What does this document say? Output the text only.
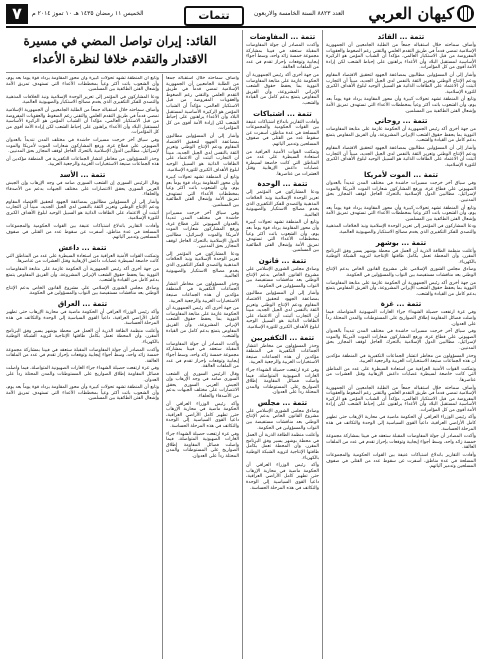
٧	الخميس ١١ رمضان ١٤٣٥ هـ ١٠ تموز ٢٠١٤ م	تتمات	العدد ٨٨٢٣ السنة الخامسة والاربعون كيهان العربي
القائد: إيران تواصل المضي في مسيرة الاقتدار والتقدم خلافا لنظرة الأعداء
تتمة ... القائد

وأضاف سماحته خلال استقباله جمعاً من الطلبة الجامعيين أن الجمهورية الإسلامية تمضي قدماً في طريق التقدم العلمي والتقني رغم الضغوط والعقوبات المفروضة من قبل الاستكبار العالمي، مؤكداً أن الشباب المؤمن هو الركيزة الأساسية لمستقبل البلاد وأن الأعداء يراهنون على إحباط الشعب لكن إرادة الأمة أقوى من كل المؤامرات.

وأشار إلى أن المسؤولين مطالبون بمضاعفة الجهود لتحقيق الاقتصاد المقاوم ودعم الإنتاج الوطني وتعزيز الثقة بالنفس لدى الجيل الجديد، مبيناً أن التجارب أثبتت أن الاعتماد على الطاقات الذاتية هو السبيل الوحيد لبلوغ الأهداف الكبرى للثورة الإسلامية.

وتابع أن المنطقة تشهد تحولات كبيرة وأن محور المقاومة يزداد قوة يوماً بعد يوم، وأن الشعوب باتت أكثر وعياً بمخططات الأعداء التي تستهدف تمزيق الأمة وإشعال الفتن الطائفية بين المسلمين.

تتمة ... روحاني

من جهة أخرى أكد رئيس الجمهورية أن الحكومة عازمة على متابعة المفاوضات النووية بما يحفظ حقوق الشعب الإيراني المشروعة، وأن الفريق المفاوض يتمتع بدعم كامل من القيادة والشعب.

وأشار إلى أن المسؤولين مطالبون بمضاعفة الجهود لتحقيق الاقتصاد المقاوم ودعم الإنتاج الوطني وتعزيز الثقة بالنفس لدى الجيل الجديد، مبيناً أن التجارب أثبتت أن الاعتماد على الطاقات الذاتية هو السبيل الوحيد لبلوغ الأهداف الكبرى للثورة الإسلامية.

تتمة ... الموت لأمريكا

وفي سياق آخر خرجت مسيرات حاشدة في مختلف المدن تنديداً بالعدوان الصهيوني على قطاع غزة، ورفع المشاركون شعارات الموت لأمريكا والموت لإسرائيل، مطالبين الدول الإسلامية بالتحرك العاجل لوقف المجازر بحق المدنيين.

وتابع أن المنطقة تشهد تحولات كبيرة وأن محور المقاومة يزداد قوة يوماً بعد يوم، وأن الشعوب باتت أكثر وعياً بمخططات الأعداء التي تستهدف تمزيق الأمة وإشعال الفتن الطائفية بين المسلمين.

ودعا المشاركون في المؤتمر إلى تعزيز الوحدة الإسلامية ونبذ الخلافات المذهبية والتصدي للفكر التكفيري الذي يخدم مصالح الاستكبار والصهيونية العالمية.

تتمة ... بوشهر

وأعلنت منظمة الطاقة الذرية أن العمل في محطة بوشهر يسير وفق البرنامج المقرر، وأن المحطة تعمل بكامل طاقتها الإنتاجية لتزويد الشبكة الوطنية بالكهرباء.

وصادق مجلس الشورى الإسلامي على مشروع القانون الخاص بدعم الإنتاج الوطني بعد مناقشات مستفيضة بين النواب والمسؤولين في الحكومة.

من جهة أخرى أكد رئيس الجمهورية أن الحكومة عازمة على متابعة المفاوضات النووية بما يحفظ حقوق الشعب الإيراني المشروعة، وأن الفريق المفاوض يتمتع بدعم كامل من القيادة والشعب.

تتمة ... غزة

وفي غزة ارتفعت حصيلة الشهداء جراء الغارات الصهيونية المتواصلة، فيما واصلت فصائل المقاومة إطلاق الصواريخ على المستوطنات والمدن المحتلة رداً على العدوان.

وفي سياق آخر خرجت مسيرات حاشدة في مختلف المدن تنديداً بالعدوان الصهيوني على قطاع غزة، ورفع المشاركون شعارات الموت لأمريكا والموت لإسرائيل، مطالبين الدول الإسلامية بالتحرك العاجل لوقف المجازر بحق المدنيين.

وحذر المسؤولون من مخاطر انتشار الجماعات التكفيرية في المنطقة مؤكدين أن هذه الجماعات صنيعة الاستخبارات الغربية والرجعية العربية.

وتمكنت القوات الأمنية العراقية من استعادة السيطرة على عدد من المناطق التي كانت خاضعة لسيطرة عصابات داعش الإرهابية وقتل العشرات من عناصرها.

وأضاف سماحته خلال استقباله جمعاً من الطلبة الجامعيين أن الجمهورية الإسلامية تمضي قدماً في طريق التقدم العلمي والتقني رغم الضغوط والعقوبات المفروضة من قبل الاستكبار العالمي، مؤكداً أن الشباب المؤمن هو الركيزة الأساسية لمستقبل البلاد وأن الأعداء يراهنون على إحباط الشعب لكن إرادة الأمة أقوى من كل المؤامرات.

وأكد رئيس الوزراء العراقي أن الحكومة ماضية في محاربة الإرهاب حتى تطهير كامل الأراضي العراقية، داعياً القوى السياسية إلى الوحدة والتكاتف في هذه المرحلة الحساسة.

وأكدت المصادر أن جولة المفاوضات المقبلة ستعقد في فيينا بمشاركة مجموعة خمسة زائد واحد، وسط أجواء إيجابية وتوقعات بإحراز تقدم في عدد من الملفات العالقة.

وأفادت التقارير باندلاع اشتباكات عنيفة بين القوات الحكومية والمجموعات المسلحة في عدة مناطق، أسفرت عن سقوط عدد من القتلى في صفوف المسلحين وتدمير آلياتهم.

تتمة ... المفاوضات

وأكدت المصادر أن جولة المفاوضات المقبلة ستعقد في فيينا بمشاركة مجموعة خمسة زائد واحد، وسط أجواء إيجابية وتوقعات بإحراز تقدم في عدد من الملفات العالقة.

من جهة أخرى أكد رئيس الجمهورية أن الحكومة عازمة على متابعة المفاوضات النووية بما يحفظ حقوق الشعب الإيراني المشروعة، وأن الفريق المفاوض يتمتع بدعم كامل من القيادة والشعب.

تتمة ... اشتباكات

وأفادت التقارير باندلاع اشتباكات عنيفة بين القوات الحكومية والمجموعات المسلحة في عدة مناطق، أسفرت عن سقوط عدد من القتلى في صفوف المسلحين وتدمير آلياتهم.

وتمكنت القوات الأمنية العراقية من استعادة السيطرة على عدد من المناطق التي كانت خاضعة لسيطرة عصابات داعش الإرهابية وقتل العشرات من عناصرها.

تتمة ... الوحدة

ودعا المشاركون في المؤتمر إلى تعزيز الوحدة الإسلامية ونبذ الخلافات المذهبية والتصدي للفكر التكفيري الذي يخدم مصالح الاستكبار والصهيونية العالمية.

وتابع أن المنطقة تشهد تحولات كبيرة وأن محور المقاومة يزداد قوة يوماً بعد يوم، وأن الشعوب باتت أكثر وعياً بمخططات الأعداء التي تستهدف تمزيق الأمة وإشعال الفتن الطائفية بين المسلمين.

تتمة ... قانون

وصادق مجلس الشورى الإسلامي على مشروع القانون الخاص بدعم الإنتاج الوطني بعد مناقشات مستفيضة بين النواب والمسؤولين في الحكومة.

وأشار إلى أن المسؤولين مطالبون بمضاعفة الجهود لتحقيق الاقتصاد المقاوم ودعم الإنتاج الوطني وتعزيز الثقة بالنفس لدى الجيل الجديد، مبيناً أن التجارب أثبتت أن الاعتماد على الطاقات الذاتية هو السبيل الوحيد لبلوغ الأهداف الكبرى للثورة الإسلامية.

تتمة ... التكفيريين

وحذر المسؤولون من مخاطر انتشار الجماعات التكفيرية في المنطقة مؤكدين أن هذه الجماعات صنيعة الاستخبارات الغربية والرجعية العربية.

وفي غزة ارتفعت حصيلة الشهداء جراء الغارات الصهيونية المتواصلة، فيما واصلت فصائل المقاومة إطلاق الصواريخ على المستوطنات والمدن المحتلة رداً على العدوان.

تتمة ... مجلس

وصادق مجلس الشورى الإسلامي على مشروع القانون الخاص بدعم الإنتاج الوطني بعد مناقشات مستفيضة بين النواب والمسؤولين في الحكومة.

وأعلنت منظمة الطاقة الذرية أن العمل في محطة بوشهر يسير وفق البرنامج المقرر، وأن المحطة تعمل بكامل طاقتها الإنتاجية لتزويد الشبكة الوطنية بالكهرباء.

وأكد رئيس الوزراء العراقي أن الحكومة ماضية في محاربة الإرهاب حتى تطهير كامل الأراضي العراقية، داعياً القوى السياسية إلى الوحدة والتكاتف في هذه المرحلة الحساسة.

وأضاف سماحته خلال استقباله جمعاً من الطلبة الجامعيين أن الجمهورية الإسلامية تمضي قدماً في طريق التقدم العلمي والتقني رغم الضغوط والعقوبات المفروضة من قبل الاستكبار العالمي، مؤكداً أن الشباب المؤمن هو الركيزة الأساسية لمستقبل البلاد وأن الأعداء يراهنون على إحباط الشعب لكن إرادة الأمة أقوى من كل المؤامرات.

وأشار إلى أن المسؤولين مطالبون بمضاعفة الجهود لتحقيق الاقتصاد المقاوم ودعم الإنتاج الوطني وتعزيز الثقة بالنفس لدى الجيل الجديد، مبيناً أن التجارب أثبتت أن الاعتماد على الطاقات الذاتية هو السبيل الوحيد لبلوغ الأهداف الكبرى للثورة الإسلامية.

وتابع أن المنطقة تشهد تحولات كبيرة وأن محور المقاومة يزداد قوة يوماً بعد يوم، وأن الشعوب باتت أكثر وعياً بمخططات الأعداء التي تستهدف تمزيق الأمة وإشعال الفتن الطائفية بين المسلمين.

وفي سياق آخر خرجت مسيرات حاشدة في مختلف المدن تنديداً بالعدوان الصهيوني على قطاع غزة، ورفع المشاركون شعارات الموت لأمريكا والموت لإسرائيل، مطالبين الدول الإسلامية بالتحرك العاجل لوقف المجازر بحق المدنيين.

ودعا المشاركون في المؤتمر إلى تعزيز الوحدة الإسلامية ونبذ الخلافات المذهبية والتصدي للفكر التكفيري الذي يخدم مصالح الاستكبار والصهيونية العالمية.

وحذر المسؤولون من مخاطر انتشار الجماعات التكفيرية في المنطقة مؤكدين أن هذه الجماعات صنيعة الاستخبارات الغربية والرجعية العربية.

من جهة أخرى أكد رئيس الجمهورية أن الحكومة عازمة على متابعة المفاوضات النووية بما يحفظ حقوق الشعب الإيراني المشروعة، وأن الفريق المفاوض يتمتع بدعم كامل من القيادة والشعب.

وأكدت المصادر أن جولة المفاوضات المقبلة ستعقد في فيينا بمشاركة مجموعة خمسة زائد واحد، وسط أجواء إيجابية وتوقعات بإحراز تقدم في عدد من الملفات العالقة.

وقال الرئيس السوري إن الشعب السوري صامد في وجه الإرهاب وإن الجيش العربي السوري يحقق الانتصارات على مختلف الجبهات بدعم من الأصدقاء والحلفاء.

وأكد رئيس الوزراء العراقي أن الحكومة ماضية في محاربة الإرهاب حتى تطهير كامل الأراضي العراقية، داعياً القوى السياسية إلى الوحدة والتكاتف في هذه المرحلة الحساسة.

وفي غزة ارتفعت حصيلة الشهداء جراء الغارات الصهيونية المتواصلة، فيما واصلت فصائل المقاومة إطلاق الصواريخ على المستوطنات والمدن المحتلة رداً على العدوان.

وتابع أن المنطقة تشهد تحولات كبيرة وأن محور المقاومة يزداد قوة يوماً بعد يوم، وأن الشعوب باتت أكثر وعياً بمخططات الأعداء التي تستهدف تمزيق الأمة وإشعال الفتن الطائفية بين المسلمين.

ودعا المشاركون في المؤتمر إلى تعزيز الوحدة الإسلامية ونبذ الخلافات المذهبية والتصدي للفكر التكفيري الذي يخدم مصالح الاستكبار والصهيونية العالمية.

وأضاف سماحته خلال استقباله جمعاً من الطلبة الجامعيين أن الجمهورية الإسلامية تمضي قدماً في طريق التقدم العلمي والتقني رغم الضغوط والعقوبات المفروضة من قبل الاستكبار العالمي، مؤكداً أن الشباب المؤمن هو الركيزة الأساسية لمستقبل البلاد وأن الأعداء يراهنون على إحباط الشعب لكن إرادة الأمة أقوى من كل المؤامرات.

وفي سياق آخر خرجت مسيرات حاشدة في مختلف المدن تنديداً بالعدوان الصهيوني على قطاع غزة، ورفع المشاركون شعارات الموت لأمريكا والموت لإسرائيل، مطالبين الدول الإسلامية بالتحرك العاجل لوقف المجازر بحق المدنيين.

وحذر المسؤولون من مخاطر انتشار الجماعات التكفيرية في المنطقة مؤكدين أن هذه الجماعات صنيعة الاستخبارات الغربية والرجعية العربية.

تتمة ... الأسد

وقال الرئيس السوري إن الشعب السوري صامد في وجه الإرهاب وإن الجيش العربي السوري يحقق الانتصارات على مختلف الجبهات بدعم من الأصدقاء والحلفاء.

وأشار إلى أن المسؤولين مطالبون بمضاعفة الجهود لتحقيق الاقتصاد المقاوم ودعم الإنتاج الوطني وتعزيز الثقة بالنفس لدى الجيل الجديد، مبيناً أن التجارب أثبتت أن الاعتماد على الطاقات الذاتية هو السبيل الوحيد لبلوغ الأهداف الكبرى للثورة الإسلامية.

وأفادت التقارير باندلاع اشتباكات عنيفة بين القوات الحكومية والمجموعات المسلحة في عدة مناطق، أسفرت عن سقوط عدد من القتلى في صفوف المسلحين وتدمير آلياتهم.

تتمة ... داعش

وتمكنت القوات الأمنية العراقية من استعادة السيطرة على عدد من المناطق التي كانت خاضعة لسيطرة عصابات داعش الإرهابية وقتل العشرات من عناصرها.

من جهة أخرى أكد رئيس الجمهورية أن الحكومة عازمة على متابعة المفاوضات النووية بما يحفظ حقوق الشعب الإيراني المشروعة، وأن الفريق المفاوض يتمتع بدعم كامل من القيادة والشعب.

وصادق مجلس الشورى الإسلامي على مشروع القانون الخاص بدعم الإنتاج الوطني بعد مناقشات مستفيضة بين النواب والمسؤولين في الحكومة.

تتمة ... العراق

وأكد رئيس الوزراء العراقي أن الحكومة ماضية في محاربة الإرهاب حتى تطهير كامل الأراضي العراقية، داعياً القوى السياسية إلى الوحدة والتكاتف في هذه المرحلة الحساسة.

وأعلنت منظمة الطاقة الذرية أن العمل في محطة بوشهر يسير وفق البرنامج المقرر، وأن المحطة تعمل بكامل طاقتها الإنتاجية لتزويد الشبكة الوطنية بالكهرباء.

وأكدت المصادر أن جولة المفاوضات المقبلة ستعقد في فيينا بمشاركة مجموعة خمسة زائد واحد، وسط أجواء إيجابية وتوقعات بإحراز تقدم في عدد من الملفات العالقة.

وفي غزة ارتفعت حصيلة الشهداء جراء الغارات الصهيونية المتواصلة، فيما واصلت فصائل المقاومة إطلاق الصواريخ على المستوطنات والمدن المحتلة رداً على العدوان.

وتابع أن المنطقة تشهد تحولات كبيرة وأن محور المقاومة يزداد قوة يوماً بعد يوم، وأن الشعوب باتت أكثر وعياً بمخططات الأعداء التي تستهدف تمزيق الأمة وإشعال الفتن الطائفية بين المسلمين.
